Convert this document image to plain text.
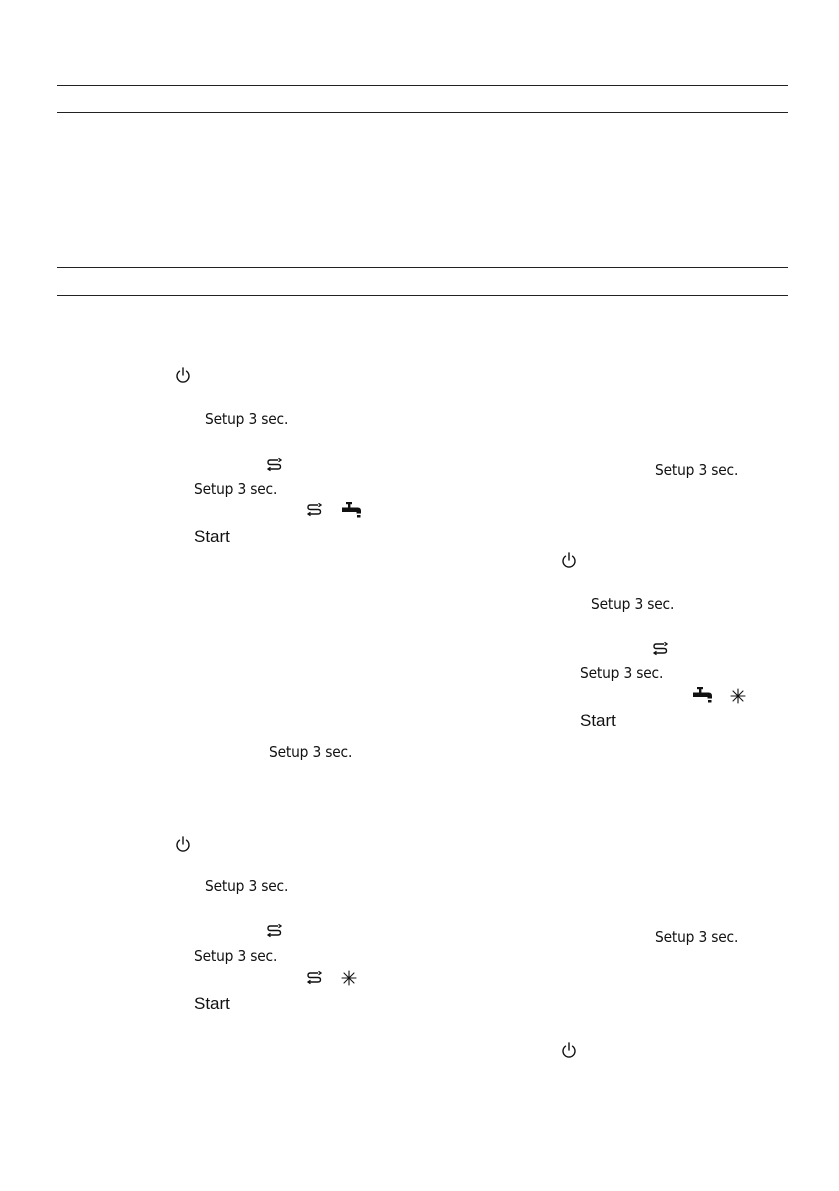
Setup 3 sec.
Setup 3 sec.
Start
Setup 3 sec.
Setup 3 sec.
Setup 3 sec.
Start
Setup 3 sec.
Setup 3 sec.
Setup 3 sec.
Start
Setup 3 sec.
